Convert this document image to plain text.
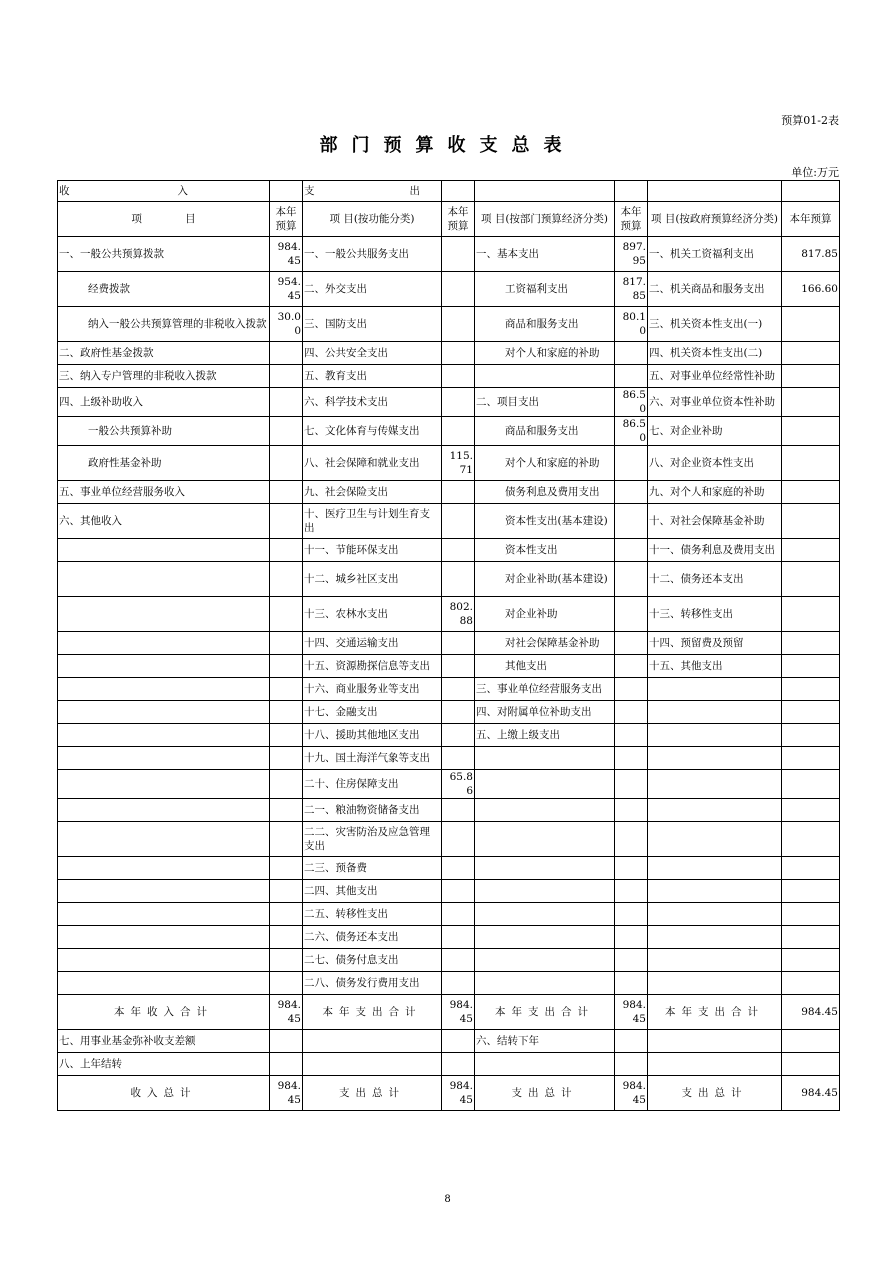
预算01-2表
部门预算收支总表
单位:万元
收 入		支 出					

项 目	本年预算	项 目(按功能分类)	本年预算	项 目(按部门预算经济分类)	本年预算	项 目(按政府预算经济分类)	本年预算
一、一般公共预算拨款	984.45	一、一般公共服务支出		一、基本支出	897.95	一、机关工资福利支出	817.85
经费拨款	954.45	二、外交支出		工资福利支出	817.85	二、机关商品和服务支出	166.60
纳入一般公共预算管理的非税收入拨款	30.00	三、国防支出		商品和服务支出	80.10	三、机关资本性支出(一)	
二、政府性基金拨款		四、公共安全支出		对个人和家庭的补助		四、机关资本性支出(二)	
三、纳入专户管理的非税收入拨款		五、教育支出				五、对事业单位经常性补助	
四、上级补助收入		六、科学技术支出		二、项目支出	86.50	六、对事业单位资本性补助	
一般公共预算补助		七、文化体育与传媒支出		商品和服务支出	86.50	七、对企业补助	
政府性基金补助		八、社会保障和就业支出	115.71	对个人和家庭的补助		八、对企业资本性支出	
五、事业单位经营服务收入		九、社会保险支出		债务利息及费用支出		九、对个人和家庭的补助	
六、其他收入		十、医疗卫生与计划生育支出		资本性支出(基本建设)		十、对社会保障基金补助	
		十一、节能环保支出		资本性支出		十一、债务利息及费用支出	
		十二、城乡社区支出		对企业补助(基本建设)		十二、债务还本支出	
		十三、农林水支出	802.88	对企业补助		十三、转移性支出	
		十四、交通运输支出		对社会保障基金补助		十四、预留费及预留	
		十五、资源勘探信息等支出		其他支出		十五、其他支出	
		十六、商业服务业等支出		三、事业单位经营服务支出			
		十七、金融支出		四、对附属单位补助支出			
		十八、援助其他地区支出		五、上缴上级支出			
		十九、国土海洋气象等支出					
		二十、住房保障支出	65.86				
		二一、粮油物资储备支出					
		二二、灾害防治及应急管理支出					
		二三、预备费					
		二四、其他支出					
		二五、转移性支出					
		二六、债务还本支出					
		二七、债务付息支出					
		二八、债务发行费用支出					
本年收入合计	984.45	本年支出合计	984.45	本年支出合计	984.45	本年支出合计	984.45
七、用事业基金弥补收支差额				六、结转下年			
八、上年结转							
收入总计	984.45	支出总计	984.45	支出总计	984.45	支出总计	984.45
8
